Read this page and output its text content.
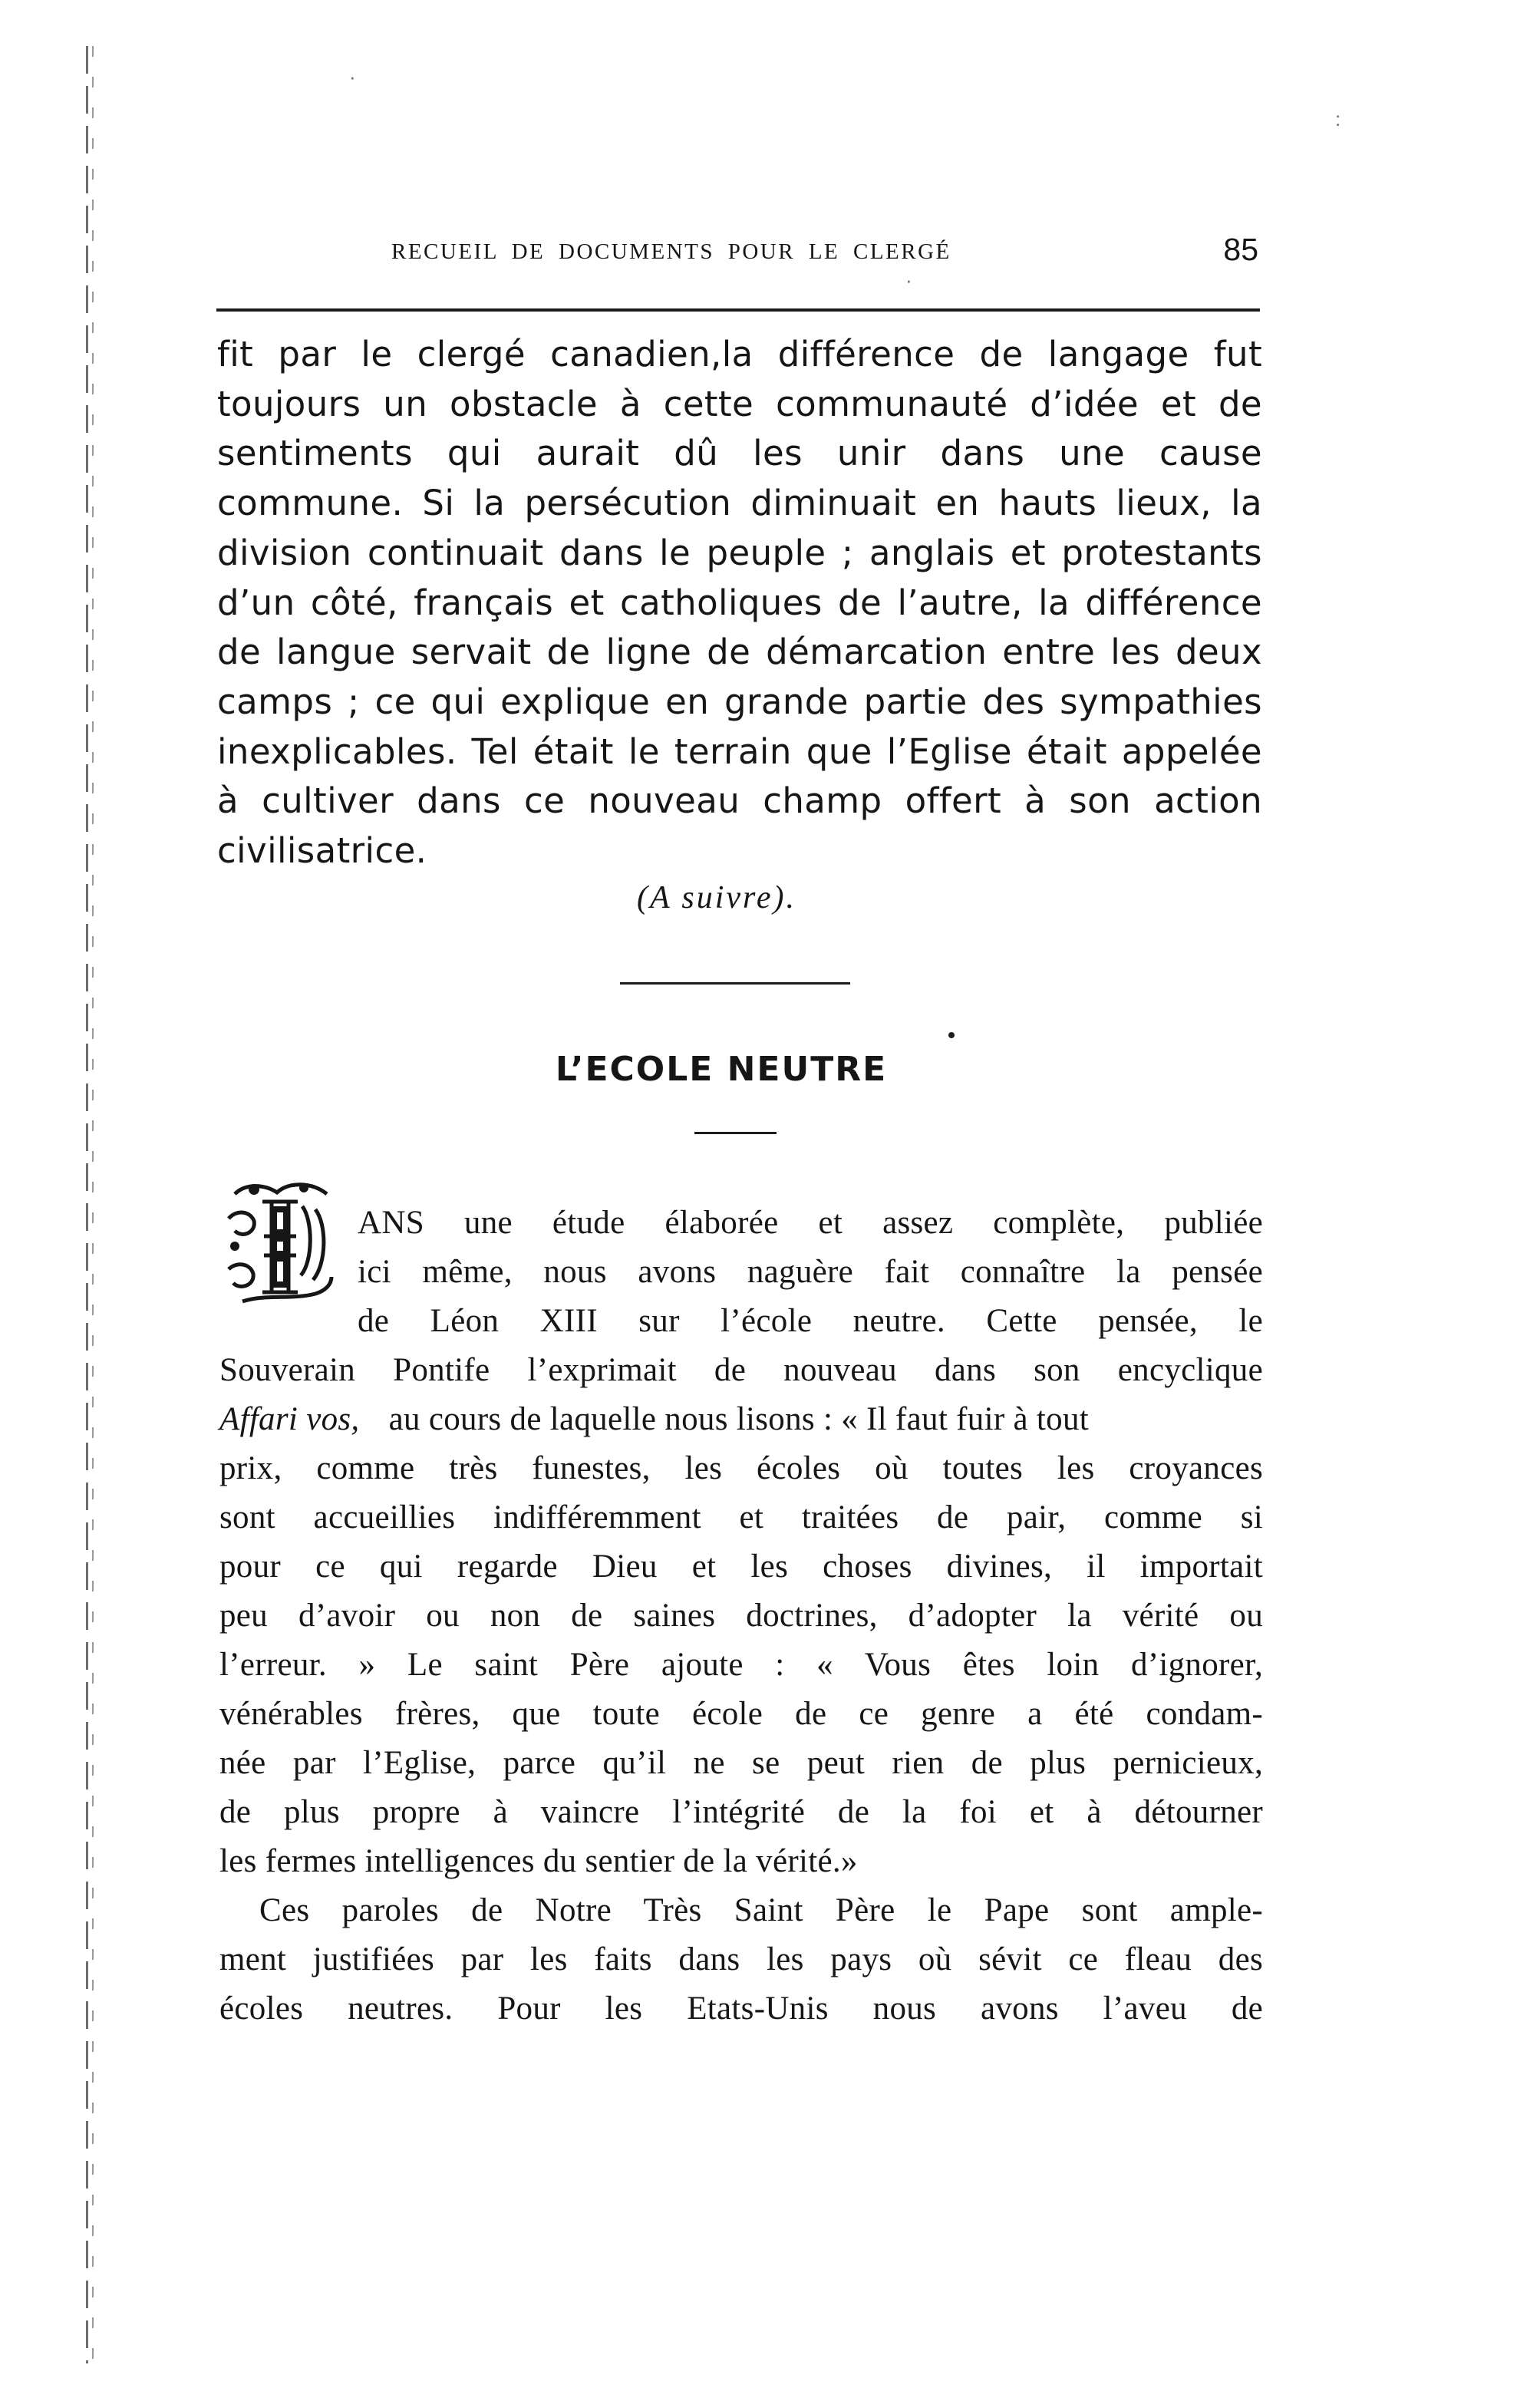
RECUEIL DE DOCUMENTS POUR LE CLERGÉ	85
fit par le clergé canadien,la différence de langage fut toujours un obstacle à cette communauté d’idée et de sentiments qui aurait dû les unir dans une cause commune. Si la persécution diminuait en hauts lieux, la division continuait dans le peuple ; anglais et protestants d’un côté, français et catholiques de l’autre, la différence de langue servait de ligne de démarcation entre les deux camps ; ce qui explique en grande partie des sympathies inexplicables. Tel était le terrain que l’Eglise était appelée à cultiver dans ce nouveau champ offert à son action civilisatrice.
(A suivre).
L’ECOLE NEUTRE
ANS une étude élaborée et assez complète, publiée
ici même, nous avons naguère fait connaître la pensée
de Léon XIII sur l’école neutre. Cette pensée, le
Souverain Pontife l’exprimait de nouveau dans son encyclique
Affari vos, au cours de laquelle nous lisons : « Il faut fuir à tout
prix, comme très funestes, les écoles où toutes les croyances
sont accueillies indifféremment et traitées de pair, comme si
pour ce qui regarde Dieu et les choses divines, il importait
peu d’avoir ou non de saines doctrines, d’adopter la vérité ou
l’erreur. » Le saint Père ajoute : « Vous êtes loin d’ignorer,
vénérables frères, que toute école de ce genre a été condam-
née par l’Eglise, parce qu’il ne se peut rien de plus pernicieux,
de plus propre à vaincre l’intégrité de la foi et à détourner
les fermes intelligences du sentier de la vérité.»
Ces paroles de Notre Très Saint Père le Pape sont ample-
ment justifiées par les faits dans les pays où sévit ce fleau des
écoles neutres. Pour les Etats-Unis nous avons l’aveu de
:
·
·
